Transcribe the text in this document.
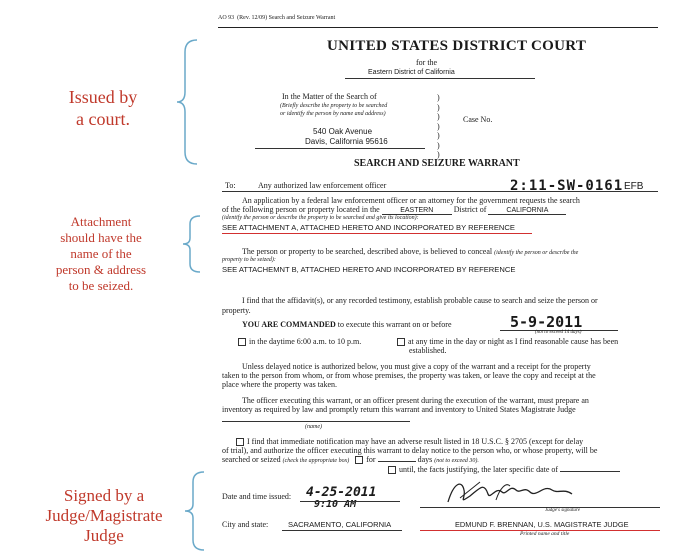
Issued by
a court.
Attachment
should have the
name of the
person & address
to be seized.
Signed by a
Judge/Magistrate
Judge
AO 93 (Rev. 12/09) Search and Seizure Warrant
UNITED STATES DISTRICT COURT
for the
Eastern District of California
In the Matter of the Search of
(Briefly describe the property to be searched
or identify the person by name and address)
540 Oak Avenue
Davis, California 95616
)
)
)
)
)
)
)
Case No.
SEARCH AND SEIZURE WARRANT
To:	Any authorized law enforcement officer	2:11-SW-0161 EFB
An application by a federal law enforcement officer or an attorney for the government requests the search
of the following person or property located in the	EASTERN	District of	CALIFORNIA
(identify the person or describe the property to be searched and give its location):
SEE ATTACHMENT A, ATTACHED HERETO AND INCORPORATED BY REFERENCE
The person or property to be searched, described above, is believed to conceal (identify the person or describe the
property to be seized):
SEE ATTACHEMNT B, ATTACHED HERETO AND INCORPORATED BY REFERENCE
I find that the affidavit(s), or any recorded testimony, establish probable cause to search and seize the person or
property.
YOU ARE COMMANDED to execute this warrant on or before	5-9-2011
(not to exceed 14 days)
in the daytime 6:00 a.m. to 10 p.m.	at any time in the day or night as I find reasonable cause has been
established.
Unless delayed notice is authorized below, you must give a copy of the warrant and a receipt for the property
taken to the person from whom, or from whose premises, the property was taken, or leave the copy and receipt at the
place where the property was taken.
The officer executing this warrant, or an officer present during the execution of the warrant, must prepare an
inventory as required by law and promptly return this warrant and inventory to United States Magistrate Judge
(name)
I find that immediate notification may have an adverse result listed in 18 U.S.C. § 2705 (except for delay
of trial), and authorize the officer executing this warrant to delay notice to the person who, or whose property, will be
searched or seized (check the appropriate box) for	days (not to exceed 30).
until, the facts justifying, the later specific date of
Date and time issued: 4-25-2011
9:10 AM
Judge's signature
City and state:	SACRAMENTO, CALIFORNIA	EDMUND F. BRENNAN, U.S. MAGISTRATE JUDGE
Printed name and title
